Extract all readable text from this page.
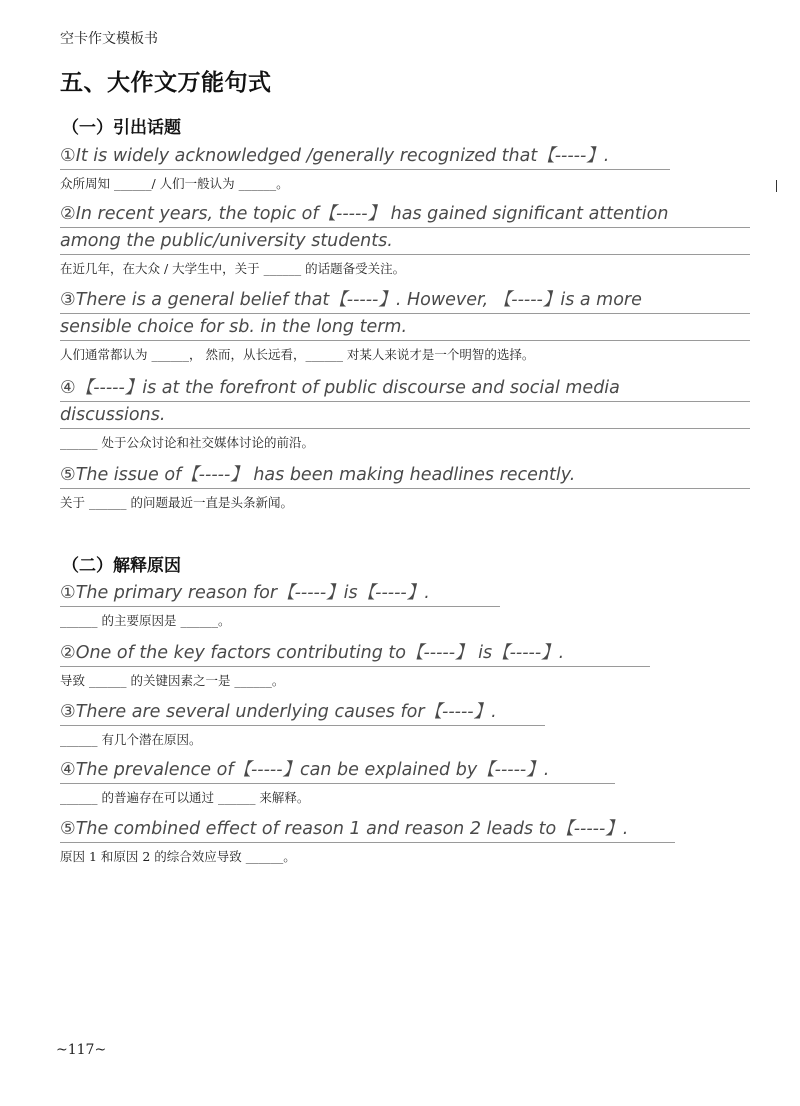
空卡作文模板书
五、大作文万能句式
（一）引出话题
①It is widely acknowledged /generally recognized that【-----】.
众所周知 ______/ 人们一般认为 ______。
②In recent years, the topic of【-----】 has gained significant attention
among the public/university students.
在近几年，在大众 / 大学生中，关于 ______ 的话题备受关注。
③There is a general belief that【-----】. However, 【-----】is a more
sensible choice for sb. in the long term.
人们通常都认为 ______， 然而，从长远看，______ 对某人来说才是一个明智的选择。
④【-----】is at the forefront of public discourse and social media
discussions.
______ 处于公众讨论和社交媒体讨论的前沿。
⑤The issue of【-----】 has been making headlines recently.
关于 ______ 的问题最近一直是头条新闻。
（二）解释原因
①The primary reason for【-----】is【-----】.
______ 的主要原因是 ______。
②One of the key factors contributing to【-----】 is【-----】.
导致 ______ 的关键因素之一是 ______。
③There are several underlying causes for【-----】.
______ 有几个潜在原因。
④The prevalence of【-----】can be explained by【-----】.
______ 的普遍存在可以通过 ______ 来解释。
⑤The combined effect of reason 1 and reason 2 leads to【-----】.
原因 1 和原因 2 的综合效应导致 ______。
~117~
